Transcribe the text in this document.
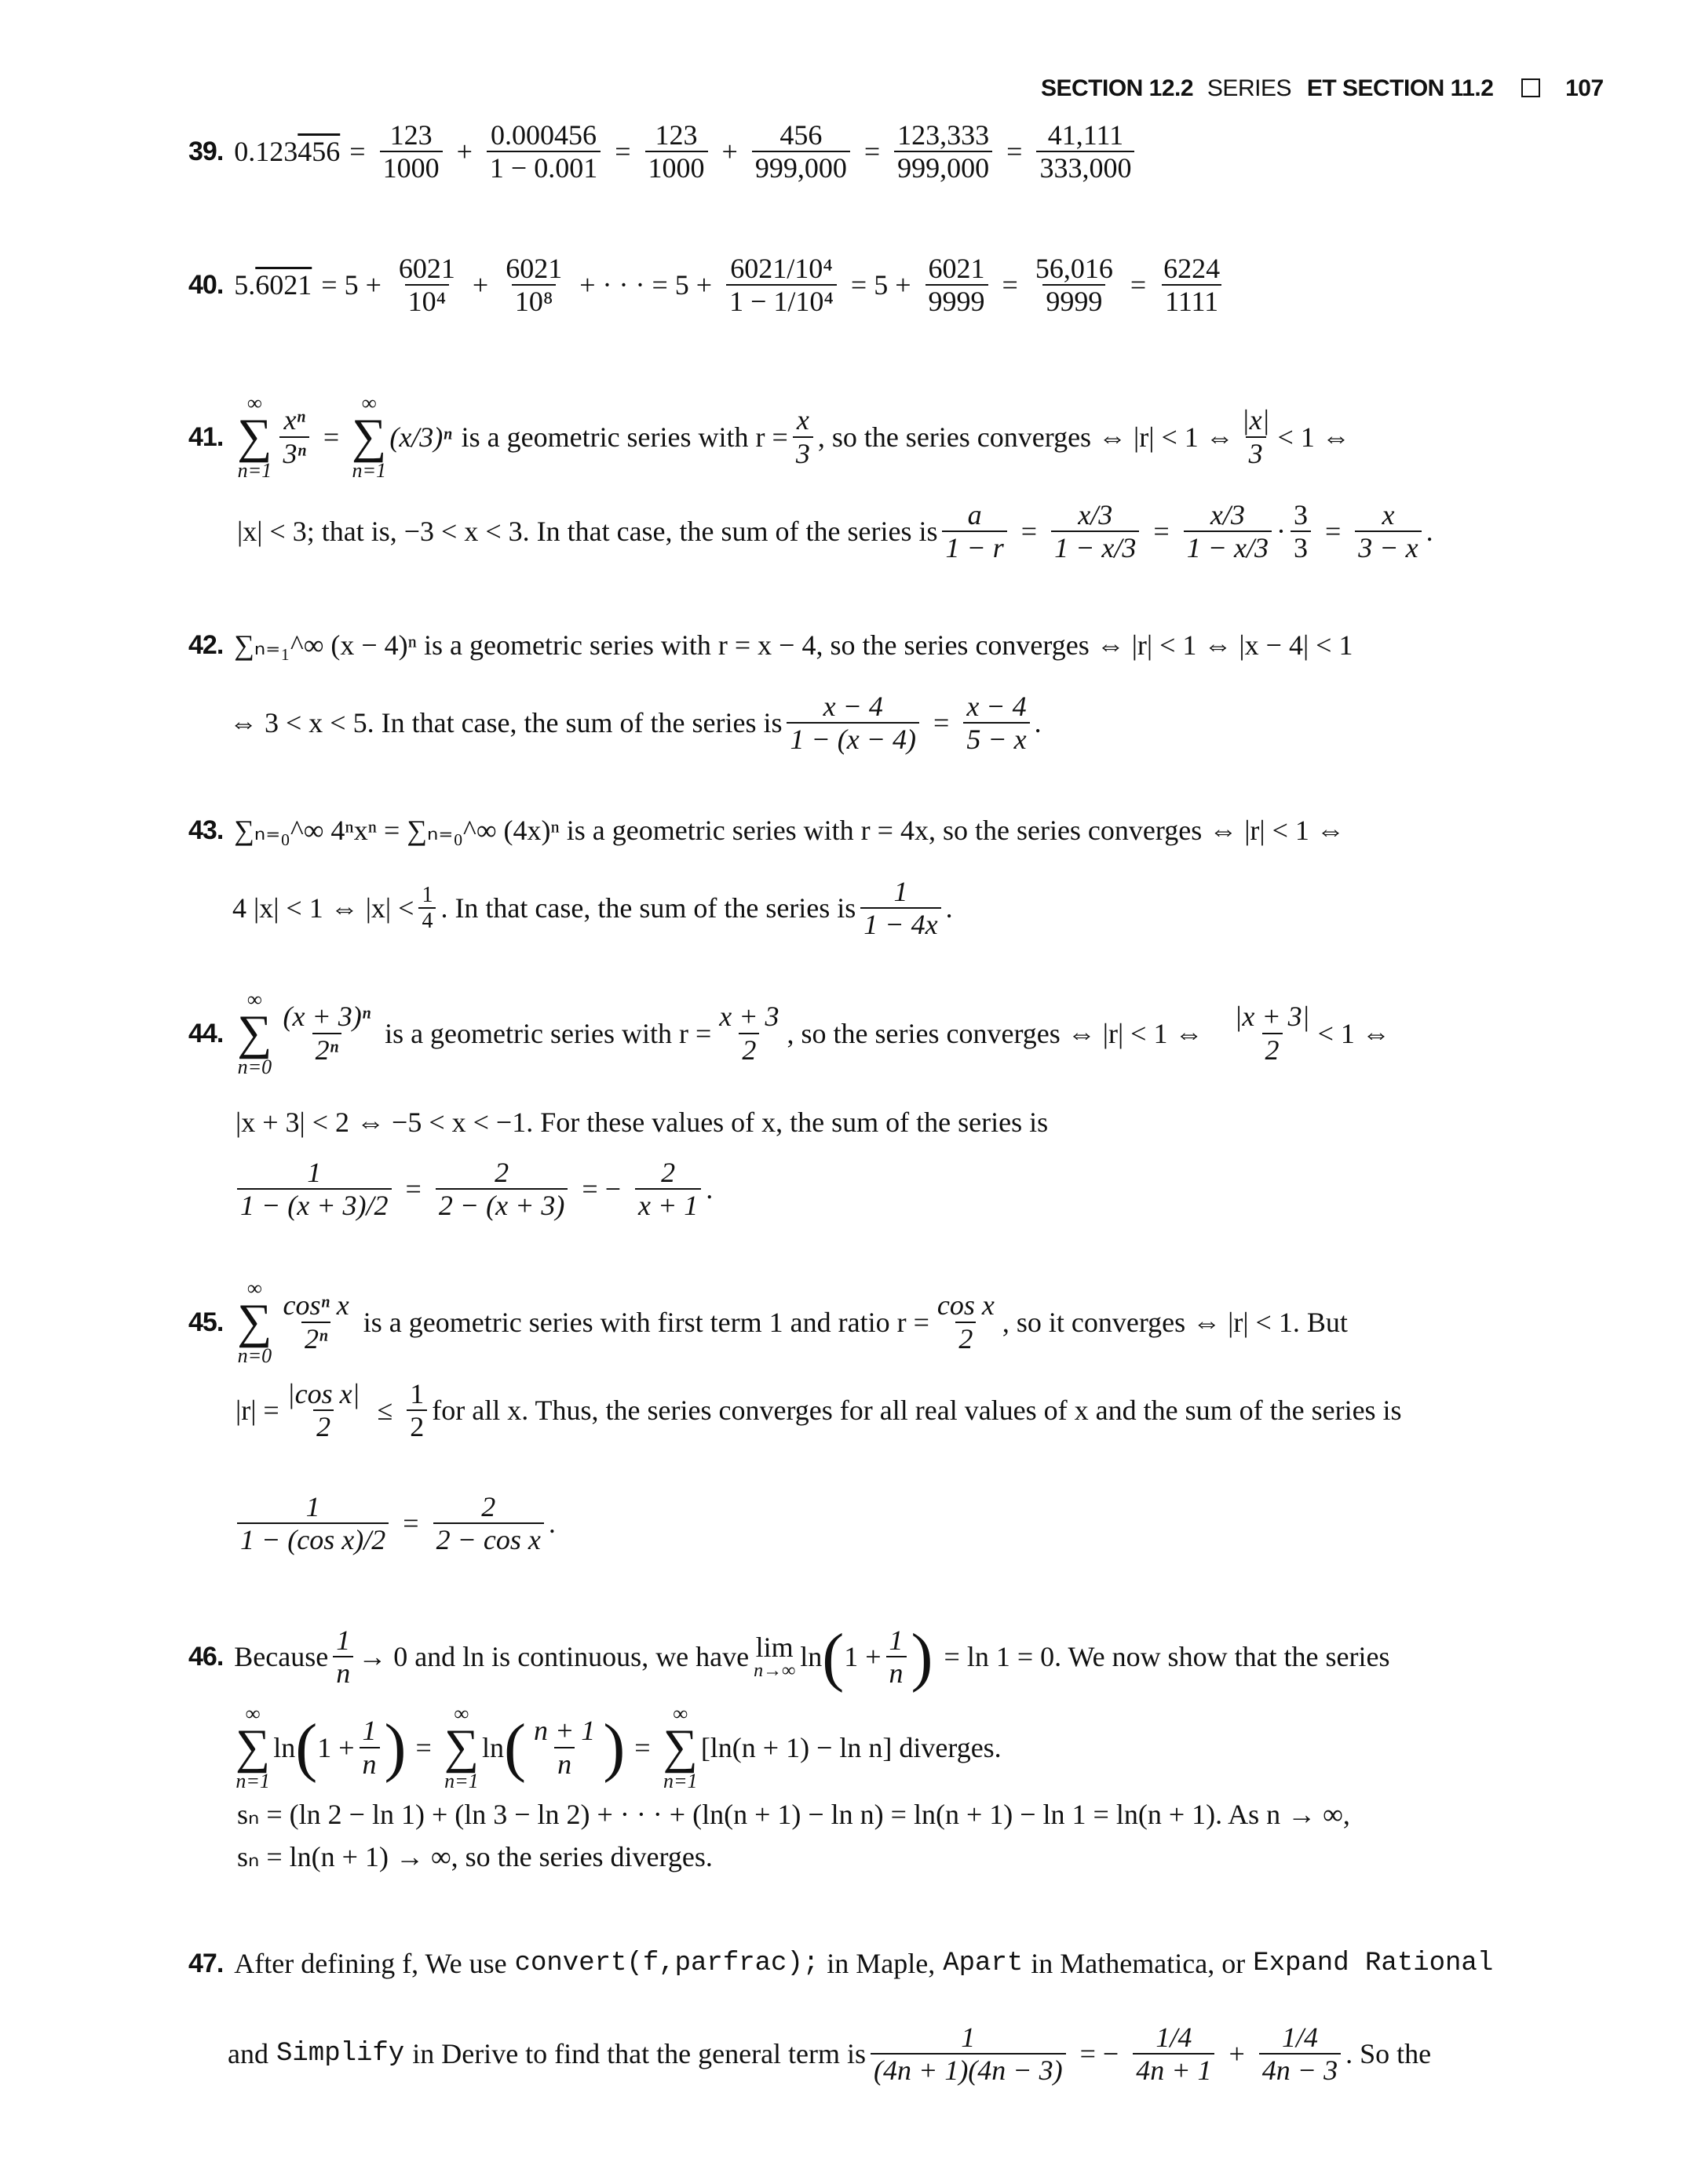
SECTION 12.2 SERIES ET SECTION 11.2	107
39. 0.123 $456 = \frac{123}{1000} + \frac{0.000456}{1 - 0.001} = \frac{123}{1000} + \frac{456}{999,000} = \frac{123,333}{999,000} = \frac{41,111}{333,000}$
40. 5. $6021 = 5 + \frac{6021}{\text{10⁴}} + \frac{6021}{\text{10⁸}}$ + · · · = $5 + \frac{\text{6021/10⁴}}{\text{1 − 1/10⁴}} = 5 + \frac{6021}{9999} = \frac{56,016}{9999} = \frac{6224}{1111}$
41.
∞
∑
n=1
$\frac{\text{xⁿ}}{\text{3ⁿ}}$ =
∞
∑
n=1
(x/3)ⁿ is a geometric series with $r = \frac{x}{3}$ , so the series converges ⇔ |r| < 1 ⇔ $\frac{|x|}{3} < 1$ ⇔
|x| < 3; that is, −3 < x < 3. In that case, the sum of the series is $\frac{a}{1 - r} = \frac{x/3}{1 - x/3} = \frac{x/3}{1 - x/3} \cdot \frac{3}{3} = \frac{x}{3 - x}$ .
42. ∑ₙ₌₁^∞ (x − 4)ⁿ is a geometric series with r = x − 4, so the series converges ⇔ |r| < 1 ⇔ |x − 4| < 1
⇔ 3 < x < 5. In that case, the sum of the series is $\frac{x - 4}{1 - (x - 4)} = \frac{x - 4}{5 - x}$ .
43. ∑ₙ₌₀^∞ 4ⁿxⁿ = ∑ₙ₌₀^∞ (4x)ⁿ is a geometric series with r = 4x, so the series converges ⇔ |r| < 1 ⇔
4 |x| < 1 ⇔ $|x| < \frac{1}{4}$ . In that case, the sum of the series is $\frac{1}{1 - 4x}$ .
44.
∞
∑
n=0
$\frac{\text{(x + 3)ⁿ}}{\text{2ⁿ}}$ is a geometric series with $r = \frac{x + 3}{2}$ , so the series converges ⇔ |r| < 1 ⇔ $\frac{|x + 3|}{2} < 1$ ⇔
|x + 3| < 2 ⇔ −5 < x < −1. For these values of x, the sum of the series is
$\frac{1}{1 - (x + 3)/2} = \frac{2}{2 - (x + 3)}$ = − $\frac{2}{x + 1}$ .
45.
∞
∑
n=0
$\frac{\text{cosⁿ x}}{\text{2ⁿ}}$ is a geometric series with first term 1 and ratio $r = \frac{\text{cos x}}{2}$ , so it converges ⇔ |r| < 1. But
$|r| = \frac{\text{|cos x|}}{2} \le \frac{1}{2}$ for all x. Thus, the series converges for all real values of x and the sum of the series is
$\frac{1}{\text{1 − (cos x)/2}} = \frac{2}{\text{2 − cos x}}$ .
46. Because $\frac{1}{n} \to 0$ and ln is continuous, we have lim
n→∞ ln ( $1 + \frac{1}{n}$ ) = ln 1 = 0. We now show that the series
∞
∑
n=1
ln ( $1 + \frac{1}{n}$ ) =
∞
∑
n=1
ln ( $\frac{n + 1}{n}$ ) =
∞
∑
n=1
[ln(n + 1) − ln n] diverges.
sₙ = (ln 2 − ln 1) + (ln 3 − ln 2) + · · · + (ln(n + 1) − ln n) = ln(n + 1) − ln 1 = ln(n + 1). As n → ∞,
sₙ = ln(n + 1) → ∞, so the series diverges.
47. After defining f, We use convert(f,parfrac); in Maple, Apart in Mathematica, or Expand Rational
and Simplify in Derive to find that the general term is $\frac{1}{(4n + 1)(4n - 3)}$ = − $\frac{1/4}{4n + 1} + \frac{1/4}{4n - 3}$ . So the
